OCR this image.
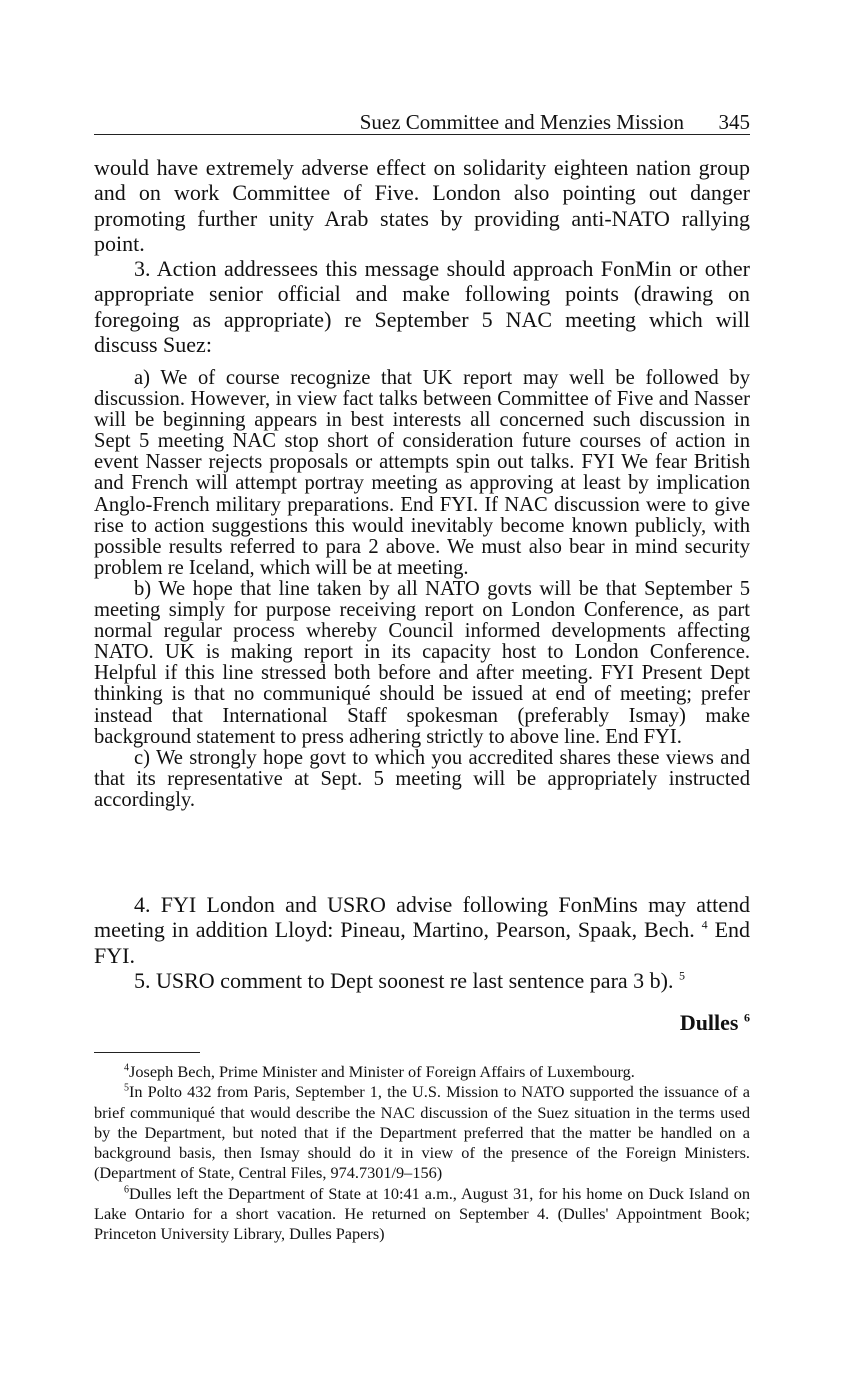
Suez Committee and Menzies Mission 345

would have extremely adverse effect on solidarity eighteen nation group and on work Committee of Five. London also pointing out danger promoting further unity Arab states by providing anti-NATO rallying point.

3. Action addressees this message should approach FonMin or other appropriate senior official and make following points (drawing on foregoing as appropriate) re September 5 NAC meeting which will discuss Suez:

a) We of course recognize that UK report may well be followed by discussion. However, in view fact talks between Committee of Five and Nasser will be beginning appears in best interests all concerned such discussion in Sept 5 meeting NAC stop short of consideration future courses of action in event Nasser rejects proposals or attempts spin out talks. FYI We fear British and French will attempt portray meeting as approving at least by implication Anglo-French military preparations. End FYI. If NAC discussion were to give rise to action suggestions this would inevitably become known publicly, with possible results referred to para 2 above. We must also bear in mind security problem re Iceland, which will be at meeting.

b) We hope that line taken by all NATO govts will be that September 5 meeting simply for purpose receiving report on London Conference, as part normal regular process whereby Council informed developments affecting NATO. UK is making report in its capacity host to London Conference. Helpful if this line stressed both before and after meeting. FYI Present Dept thinking is that no communiqué should be issued at end of meeting; prefer instead that International Staff spokesman (preferably Ismay) make background statement to press adhering strictly to above line. End FYI.

c) We strongly hope govt to which you accredited shares these views and that its representative at Sept. 5 meeting will be appropriately instructed accordingly.

4. FYI London and USRO advise following FonMins may attend meeting in addition Lloyd: Pineau, Martino, Pearson, Spaak, Bech. $^4$ End FYI.

5. USRO comment to Dept soonest re last sentence para 3 b). $^5$

Dulles $^6$

$^4$Joseph Bech, Prime Minister and Minister of Foreign Affairs of Luxembourg.

$^5$In Polto 432 from Paris, September 1, the U.S. Mission to NATO supported the issuance of a brief communiqué that would describe the NAC discussion of the Suez situation in the terms used by the Department, but noted that if the Department preferred that the matter be handled on a background basis, then Ismay should do it in view of the presence of the Foreign Ministers. (Department of State, Central Files, 974.7301/9–156)

$^6$Dulles left the Department of State at 10:41 a.m., August 31, for his home on Duck Island on Lake Ontario for a short vacation. He returned on September 4. (Dulles' Appointment Book; Princeton University Library, Dulles Papers)
